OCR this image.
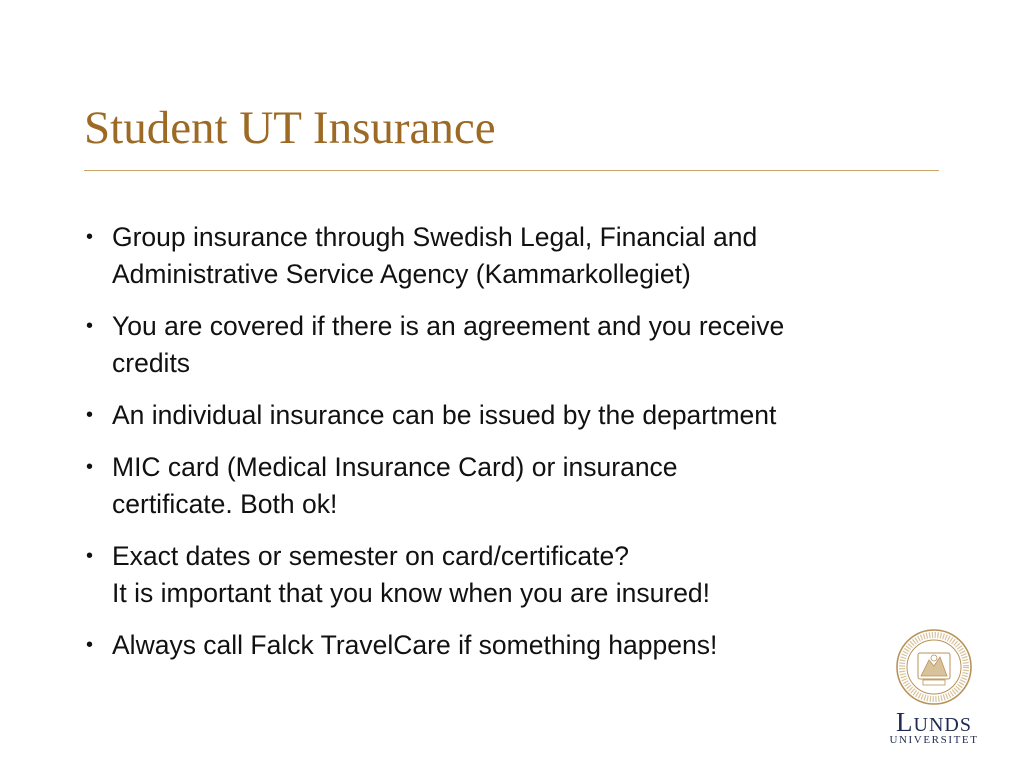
Student UT Insurance
• Group insurance through Swedish Legal, Financial and
Administrative Service Agency (Kammarkollegiet)
• You are covered if there is an agreement and you receive
credits
• An individual insurance can be issued by the department
• MIC card (Medical Insurance Card) or insurance
certificate. Both ok!
• Exact dates or semester on card/certificate?
It is important that you know when you are insured!
• Always call Falck TravelCare if something happens!
LUNDS
UNIVERSITET
